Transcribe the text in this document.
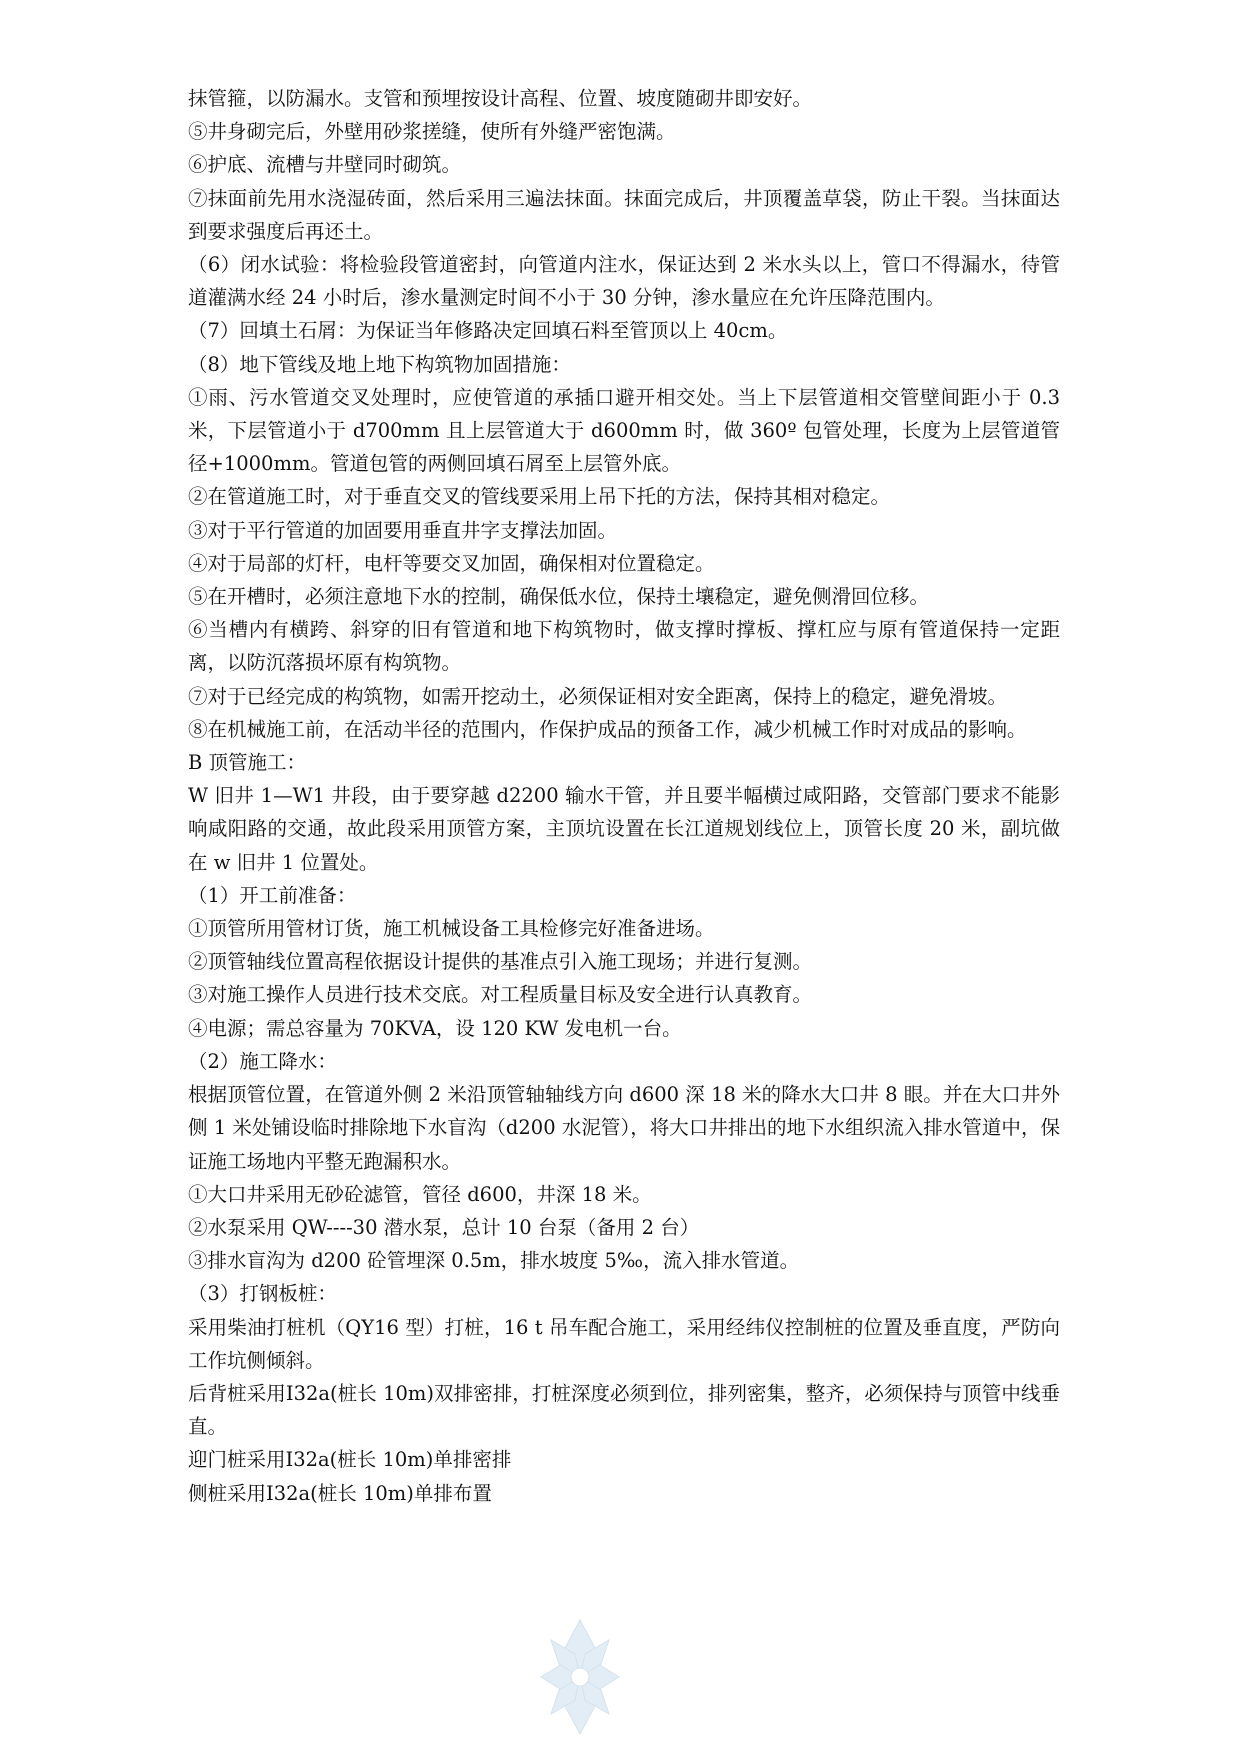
抹管箍，以防漏水。支管和预埋按设计高程、位置、坡度随砌井即安好。

⑤井身砌完后，外壁用砂浆搓缝，使所有外缝严密饱满。

⑥护底、流槽与井壁同时砌筑。

⑦抹面前先用水浇湿砖面，然后采用三遍法抹面。抹面完成后，井顶覆盖草袋，防止干裂。当抹面达到要求强度后再还土。

（6）闭水试验：将检验段管道密封，向管道内注水，保证达到 2 米水头以上，管口不得漏水，待管道灌满水经 24 小时后，渗水量测定时间不小于 30 分钟，渗水量应在允许压降范围内。

（7）回填土石屑：为保证当年修路决定回填石料至管顶以上 40cm。

（8）地下管线及地上地下构筑物加固措施：

①雨、污水管道交叉处理时，应使管道的承插口避开相交处。当上下层管道相交管壁间距小于 0.3 米，下层管道小于 d700mm 且上层管道大于 d600mm 时，做 360º 包管处理，长度为上层管道管径+1000mm。管道包管的两侧回填石屑至上层管外底。

②在管道施工时，对于垂直交叉的管线要采用上吊下托的方法，保持其相对稳定。

③对于平行管道的加固要用垂直井字支撑法加固。

④对于局部的灯杆，电杆等要交叉加固，确保相对位置稳定。

⑤在开槽时，必须注意地下水的控制，确保低水位，保持土壤稳定，避免侧滑回位移。

⑥当槽内有横跨、斜穿的旧有管道和地下构筑物时，做支撑时撑板、撑杠应与原有管道保持一定距离，以防沉落损坏原有构筑物。

⑦对于已经完成的构筑物，如需开挖动土，必须保证相对安全距离，保持上的稳定，避免滑坡。

⑧在机械施工前，在活动半径的范围内，作保护成品的预备工作，减少机械工作时对成品的影响。

B 顶管施工：

W 旧井 1—W1 井段，由于要穿越 d2200 输水干管，并且要半幅横过咸阳路，交管部门要求不能影响咸阳路的交通，故此段采用顶管方案，主顶坑设置在长江道规划线位上，顶管长度 20 米，副坑做在 w 旧井 1 位置处。

（1）开工前准备：

①顶管所用管材订货，施工机械设备工具检修完好准备进场。

②顶管轴线位置高程依据设计提供的基准点引入施工现场；并进行复测。

③对施工操作人员进行技术交底。对工程质量目标及安全进行认真教育。

④电源；需总容量为 70KVA，设 120 KW 发电机一台。

（2）施工降水：

根据顶管位置，在管道外侧 2 米沿顶管轴轴线方向 d600 深 18 米的降水大口井 8 眼。并在大口井外侧 1 米处铺设临时排除地下水盲沟（d200 水泥管），将大口井排出的地下水组织流入排水管道中，保证施工场地内平整无跑漏积水。

①大口井采用无砂砼滤管，管径 d600，井深 18 米。

②水泵采用 QW----30 潜水泵，总计 10 台泵（备用 2 台）

③排水盲沟为 d200 砼管埋深 0.5m，排水坡度 5‰，流入排水管道。

（3）打钢板桩：

采用柴油打桩机（QY16 型）打桩，16 t 吊车配合施工，采用经纬仪控制桩的位置及垂直度，严防向工作坑侧倾斜。

后背桩采用Ⅰ32a(桩长 10m)双排密排，打桩深度必须到位，排列密集，整齐，必须保持与顶管中线垂直。

迎门桩采用Ⅰ32a(桩长 10m)单排密排

侧桩采用Ⅰ32a(桩长 10m)单排布置
